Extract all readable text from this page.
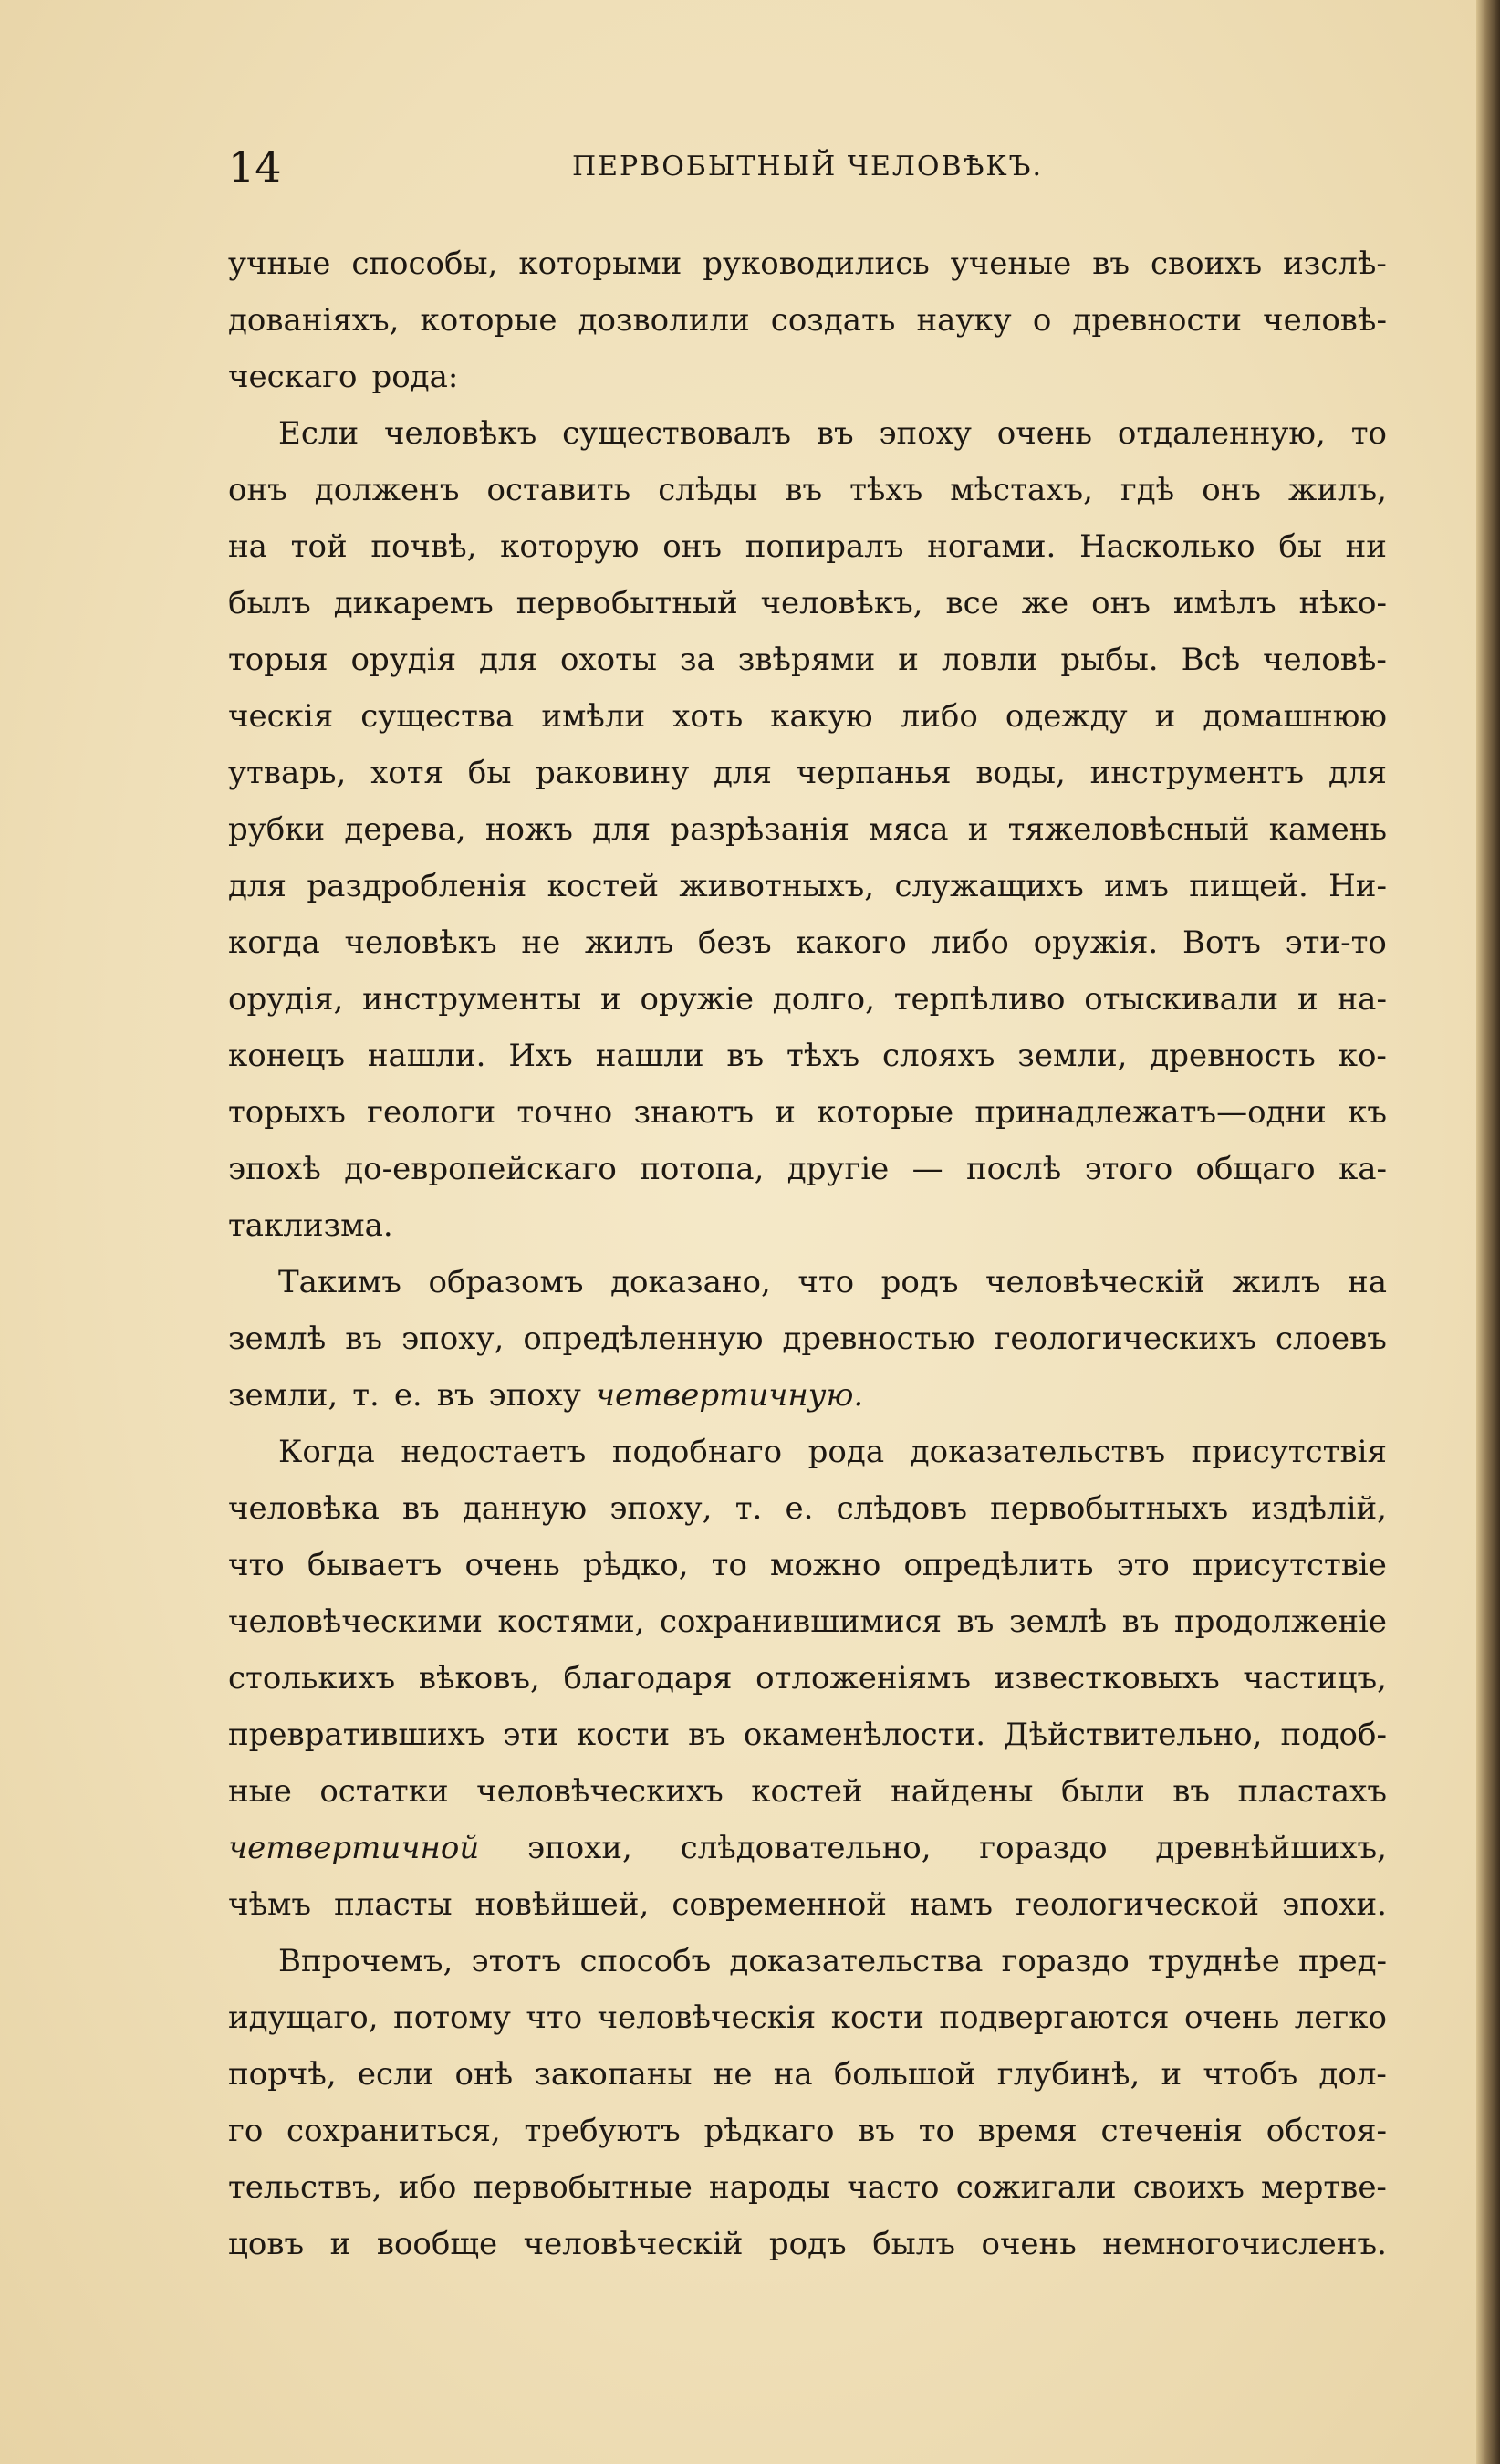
14	ПЕРВОБЫТНЫЙ ЧЕЛОВѢКЪ.
учные способы, которыми руководились ученые въ своихъ изслѣ-
дованіяхъ, которые дозволили создать науку о древности человѣ-
ческаго рода:
Если человѣкъ существовалъ въ эпоху очень отдаленную, то
онъ долженъ оставить слѣды въ тѣхъ мѣстахъ, гдѣ онъ жилъ,
на той почвѣ, которую онъ попиралъ ногами. Насколько бы ни
былъ дикаремъ первобытный человѣкъ, все же онъ имѣлъ нѣко-
торыя орудія для охоты за звѣрями и ловли рыбы. Всѣ человѣ-
ческія существа имѣли хоть какую либо одежду и домашнюю
утварь, хотя бы раковину для черпанья воды, инструментъ для
рубки дерева, ножъ для разрѣзанія мяса и тяжеловѣсный камень
для раздробленія костей животныхъ, служащихъ имъ пищей. Ни-
когда человѣкъ не жилъ безъ какого либо оружія. Вотъ эти-то
орудія, инструменты и оружіе долго, терпѣливо отыскивали и на-
конецъ нашли. Ихъ нашли въ тѣхъ слояхъ земли, древность ко-
торыхъ геологи точно знаютъ и которые принадлежатъ—одни къ
эпохѣ до-европейскаго потопа, другіе — послѣ этого общаго ка-
таклизма.
Такимъ образомъ доказано, что родъ человѣческій жилъ на
землѣ въ эпоху, опредѣленную древностью геологическихъ слоевъ
земли, т. е. въ эпоху четвертичную.
Когда недостаетъ подобнаго рода доказательствъ присутствія
человѣка въ данную эпоху, т. е. слѣдовъ первобытныхъ издѣлій,
что бываетъ очень рѣдко, то можно опредѣлить это присутствіе
человѣческими костями, сохранившимися въ землѣ въ продолженіе
столькихъ вѣковъ, благодаря отложеніямъ известковыхъ частицъ,
превратившихъ эти кости въ окаменѣлости. Дѣйствительно, подоб-
ные остатки человѣческихъ костей найдены были въ пластахъ
четвертичной эпохи, слѣдовательно, гораздо древнѣйшихъ,
чѣмъ пласты новѣйшей, современной намъ геологической эпохи.
Впрочемъ, этотъ способъ доказательства гораздо труднѣе пред-
идущаго, потому что человѣческія кости подвергаются очень легко
порчѣ, если онѣ закопаны не на большой глубинѣ, и чтобъ дол-
го сохраниться, требуютъ рѣдкаго въ то время стеченія обстоя-
тельствъ, ибо первобытные народы часто сожигали своихъ мертве-
цовъ и вообще человѣческій родъ былъ очень немногочисленъ.
